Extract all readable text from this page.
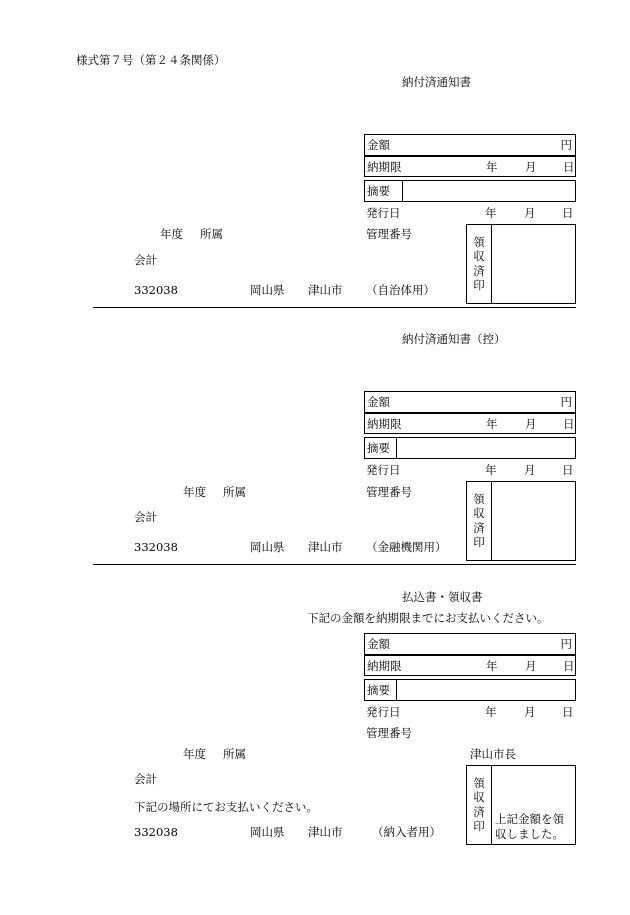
様式第７号（第２４条関係）
納付済通知書
金額	円
納期限	年 月 日
摘要
発行日	年 月 日
年度 所属	管理番号
領
収
済
印
会計
332038	岡山県 津山市 （自治体用）
納付済通知書（控）
金額	円
納期限	年 月 日
摘要
発行日	年 月 日
年度 所属	管理番号	領
収
済
印
会計
332038	岡山県 津山市 （金融機関用）
払込書・領収書
下記の金額を納期限までにお支払いください。
金額	円
納期限	年 月 日
摘要
発行日	年 月 日
管理番号
年度 所属	津山市長
領
収
済
印 上記金額を領収しました。
会計
下記の場所にてお支払いください。
332038	岡山県 津山市	（納入者用）
